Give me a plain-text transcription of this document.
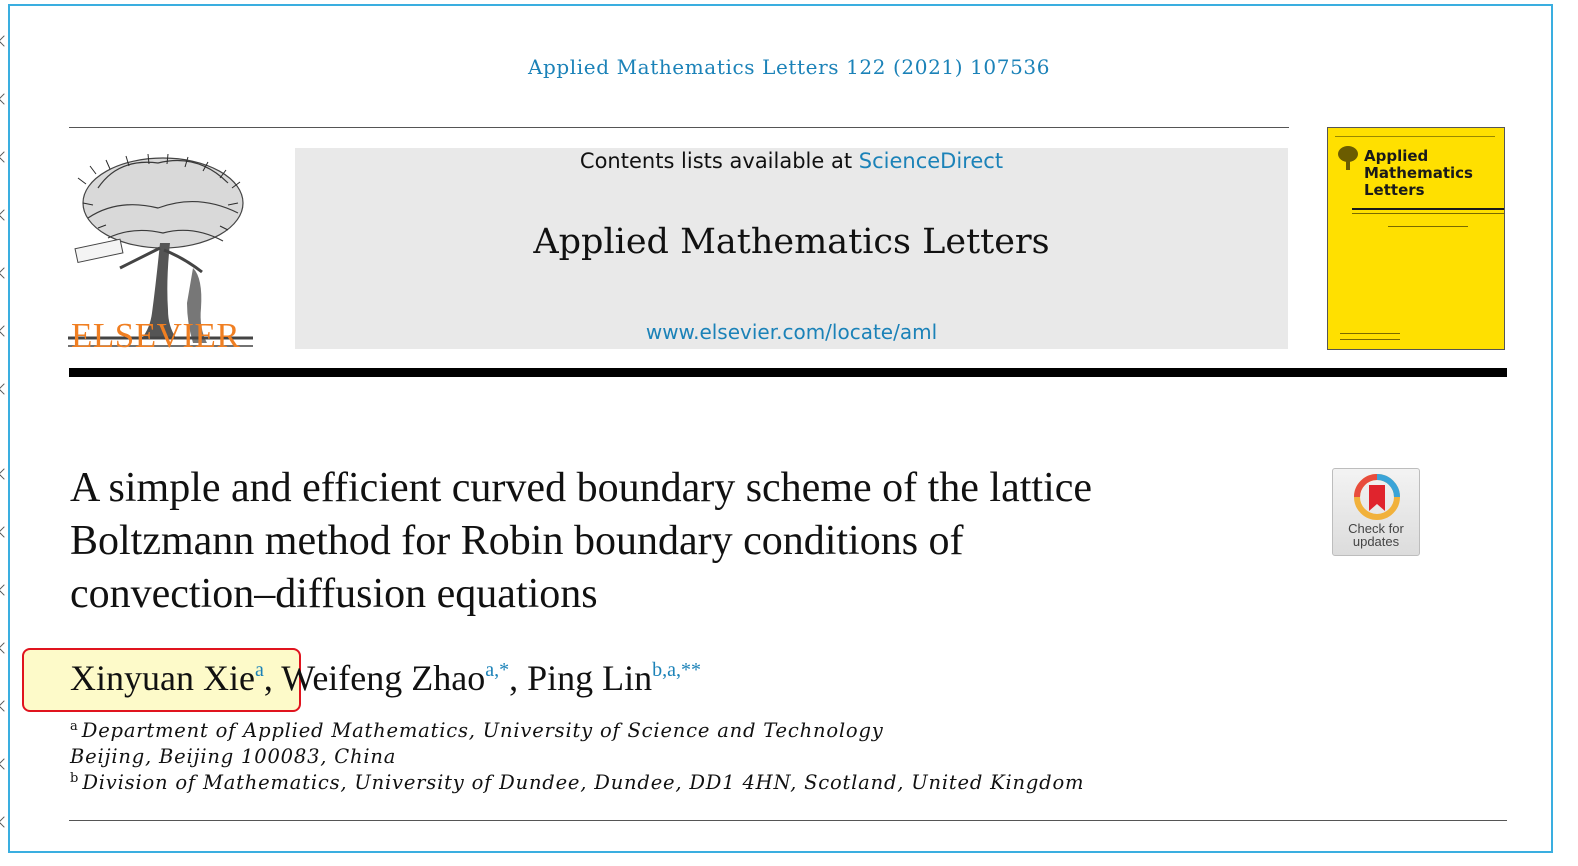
Applied Mathematics Letters 122 (2021) 107536
ELSEVIER
Contents lists available at ScienceDirect
Applied Mathematics Letters
www.elsevier.com/locate/aml
Applied
Mathematics
Letters
A simple and efficient curved boundary scheme of the lattice
Boltzmann method for Robin boundary conditions of
convection–diffusion equations
Check for
updates
Xinyuan Xie$^a$, Weifeng Zhao$^{a,*}$, Ping Lin$^{b,a,**}$
$^a$ Department of Applied Mathematics, University of Science and Technology
Beijing, Beijing 100083, China
$^b$ Division of Mathematics, University of Dundee, Dundee, DD1 4HN, Scotland, United Kingdom
